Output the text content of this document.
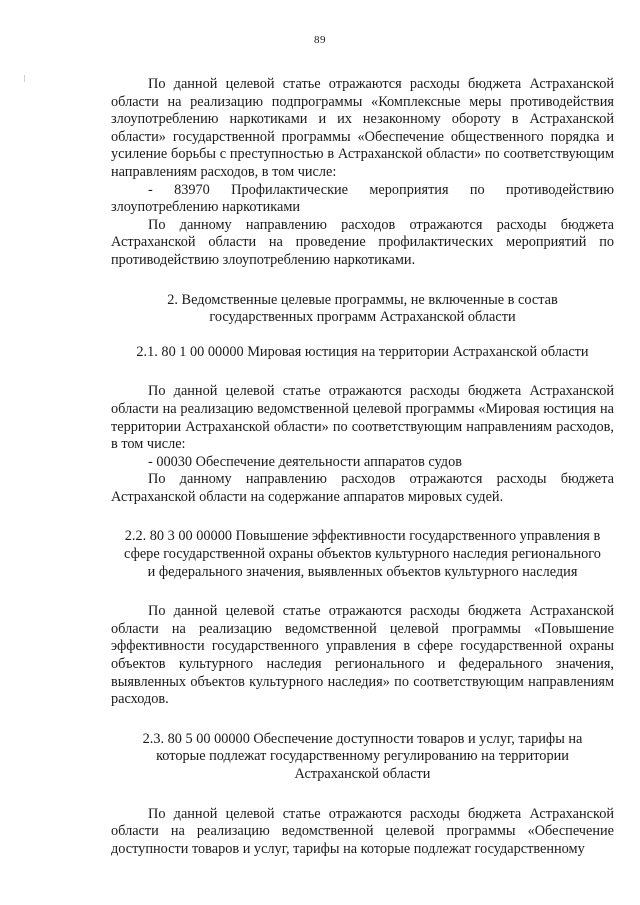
89

По данной целевой статье отражаются расходы бюджета Астраханской области на реализацию подпрограммы «Комплексные меры противодействия злоупотреблению наркотиками и их незаконному обороту в Астраханской области» государственной программы «Обеспечение общественного порядка и усиление борьбы с преступностью в Астраханской области» по соответствующим направлениям расходов, в том числе:

- 83970 Профилактические мероприятия по противодействию злоупотреблению наркотиками

По данному направлению расходов отражаются расходы бюджета Астраханской области на проведение профилактических мероприятий по противодействию злоупотреблению наркотиками.

2. Ведомственные целевые программы, не включенные в состав государственных программ Астраханской области

2.1. 80 1 00 00000 Мировая юстиция на территории Астраханской области

По данной целевой статье отражаются расходы бюджета Астраханской области на реализацию ведомственной целевой программы «Мировая юстиция на территории Астраханской области» по соответствующим направлениям расходов, в том числе:

- 00030 Обеспечение деятельности аппаратов судов

По данному направлению расходов отражаются расходы бюджета Астраханской области на содержание аппаратов мировых судей.

2.2. 80 3 00 00000 Повышение эффективности государственного управления в сфере государственной охраны объектов культурного наследия регионального и федерального значения, выявленных объектов культурного наследия

По данной целевой статье отражаются расходы бюджета Астраханской области на реализацию ведомственной целевой программы «Повышение эффективности государственного управления в сфере государственной охраны объектов культурного наследия регионального и федерального значения, выявленных объектов культурного наследия» по соответствующим направлениям расходов.

2.3. 80 5 00 00000 Обеспечение доступности товаров и услуг, тарифы на которые подлежат государственному регулированию на территории Астраханской области

По данной целевой статье отражаются расходы бюджета Астраханской области на реализацию ведомственной целевой программы «Обеспечение доступности товаров и услуг, тарифы на которые подлежат государственному
